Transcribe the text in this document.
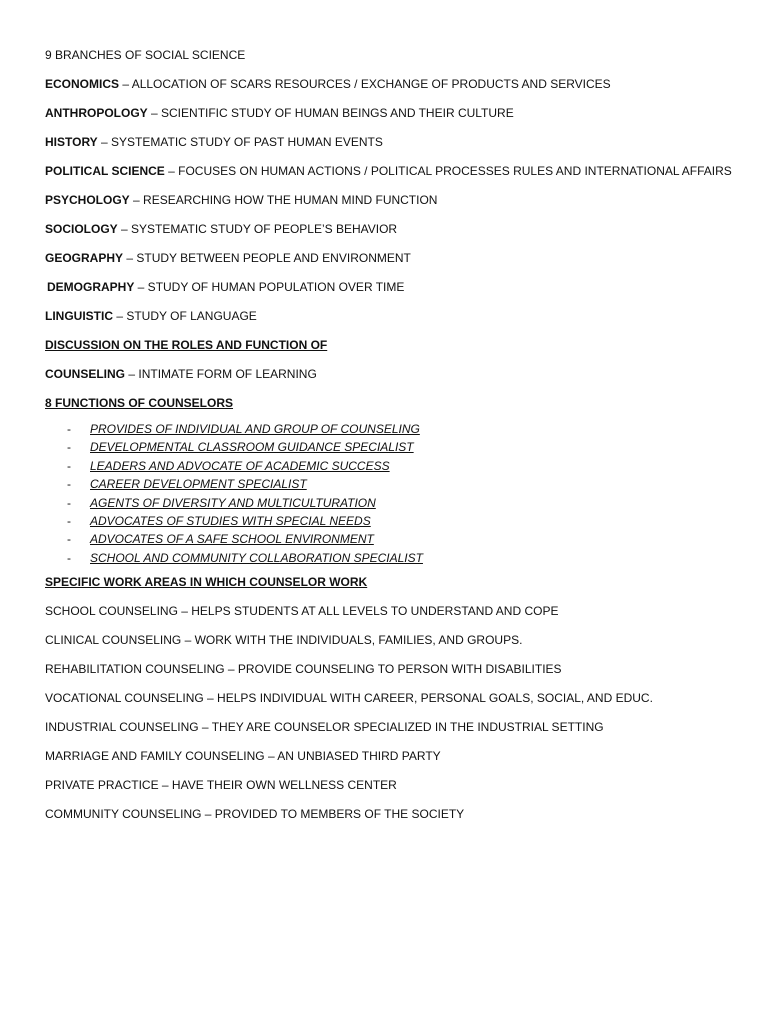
9 BRANCHES OF SOCIAL SCIENCE
ECONOMICS – ALLOCATION OF SCARS RESOURCES / EXCHANGE OF PRODUCTS AND SERVICES
ANTHROPOLOGY – SCIENTIFIC STUDY OF HUMAN BEINGS AND THEIR CULTURE
HISTORY – SYSTEMATIC STUDY OF PAST HUMAN EVENTS
POLITICAL SCIENCE – FOCUSES ON HUMAN ACTIONS / POLITICAL PROCESSES RULES AND INTERNATIONAL AFFAIRS
PSYCHOLOGY – RESEARCHING HOW THE HUMAN MIND FUNCTION
SOCIOLOGY – SYSTEMATIC STUDY OF PEOPLE’S BEHAVIOR
GEOGRAPHY – STUDY BETWEEN PEOPLE AND ENVIRONMENT
DEMOGRAPHY – STUDY OF HUMAN POPULATION OVER TIME
LINGUISTIC – STUDY OF LANGUAGE
DISCUSSION ON THE ROLES AND FUNCTION OF
COUNSELING – INTIMATE FORM OF LEARNING
8 FUNCTIONS OF COUNSELORS
- PROVIDES OF INDIVIDUAL AND GROUP OF COUNSELING
- DEVELOPMENTAL CLASSROOM GUIDANCE SPECIALIST
- LEADERS AND ADVOCATE OF ACADEMIC SUCCESS
- CAREER DEVELOPMENT SPECIALIST
- AGENTS OF DIVERSITY AND MULTICULTURATION
- ADVOCATES OF STUDIES WITH SPECIAL NEEDS
- ADVOCATES OF A SAFE SCHOOL ENVIRONMENT
- SCHOOL AND COMMUNITY COLLABORATION SPECIALIST
SPECIFIC WORK AREAS IN WHICH COUNSELOR WORK
SCHOOL COUNSELING – HELPS STUDENTS AT ALL LEVELS TO UNDERSTAND AND COPE
CLINICAL COUNSELING – WORK WITH THE INDIVIDUALS, FAMILIES, AND GROUPS.
REHABILITATION COUNSELING – PROVIDE COUNSELING TO PERSON WITH DISABILITIES
VOCATIONAL COUNSELING – HELPS INDIVIDUAL WITH CAREER, PERSONAL GOALS, SOCIAL, AND EDUC.
INDUSTRIAL COUNSELING – THEY ARE COUNSELOR SPECIALIZED IN THE INDUSTRIAL SETTING
MARRIAGE AND FAMILY COUNSELING – AN UNBIASED THIRD PARTY
PRIVATE PRACTICE – HAVE THEIR OWN WELLNESS CENTER
COMMUNITY COUNSELING – PROVIDED TO MEMBERS OF THE SOCIETY
